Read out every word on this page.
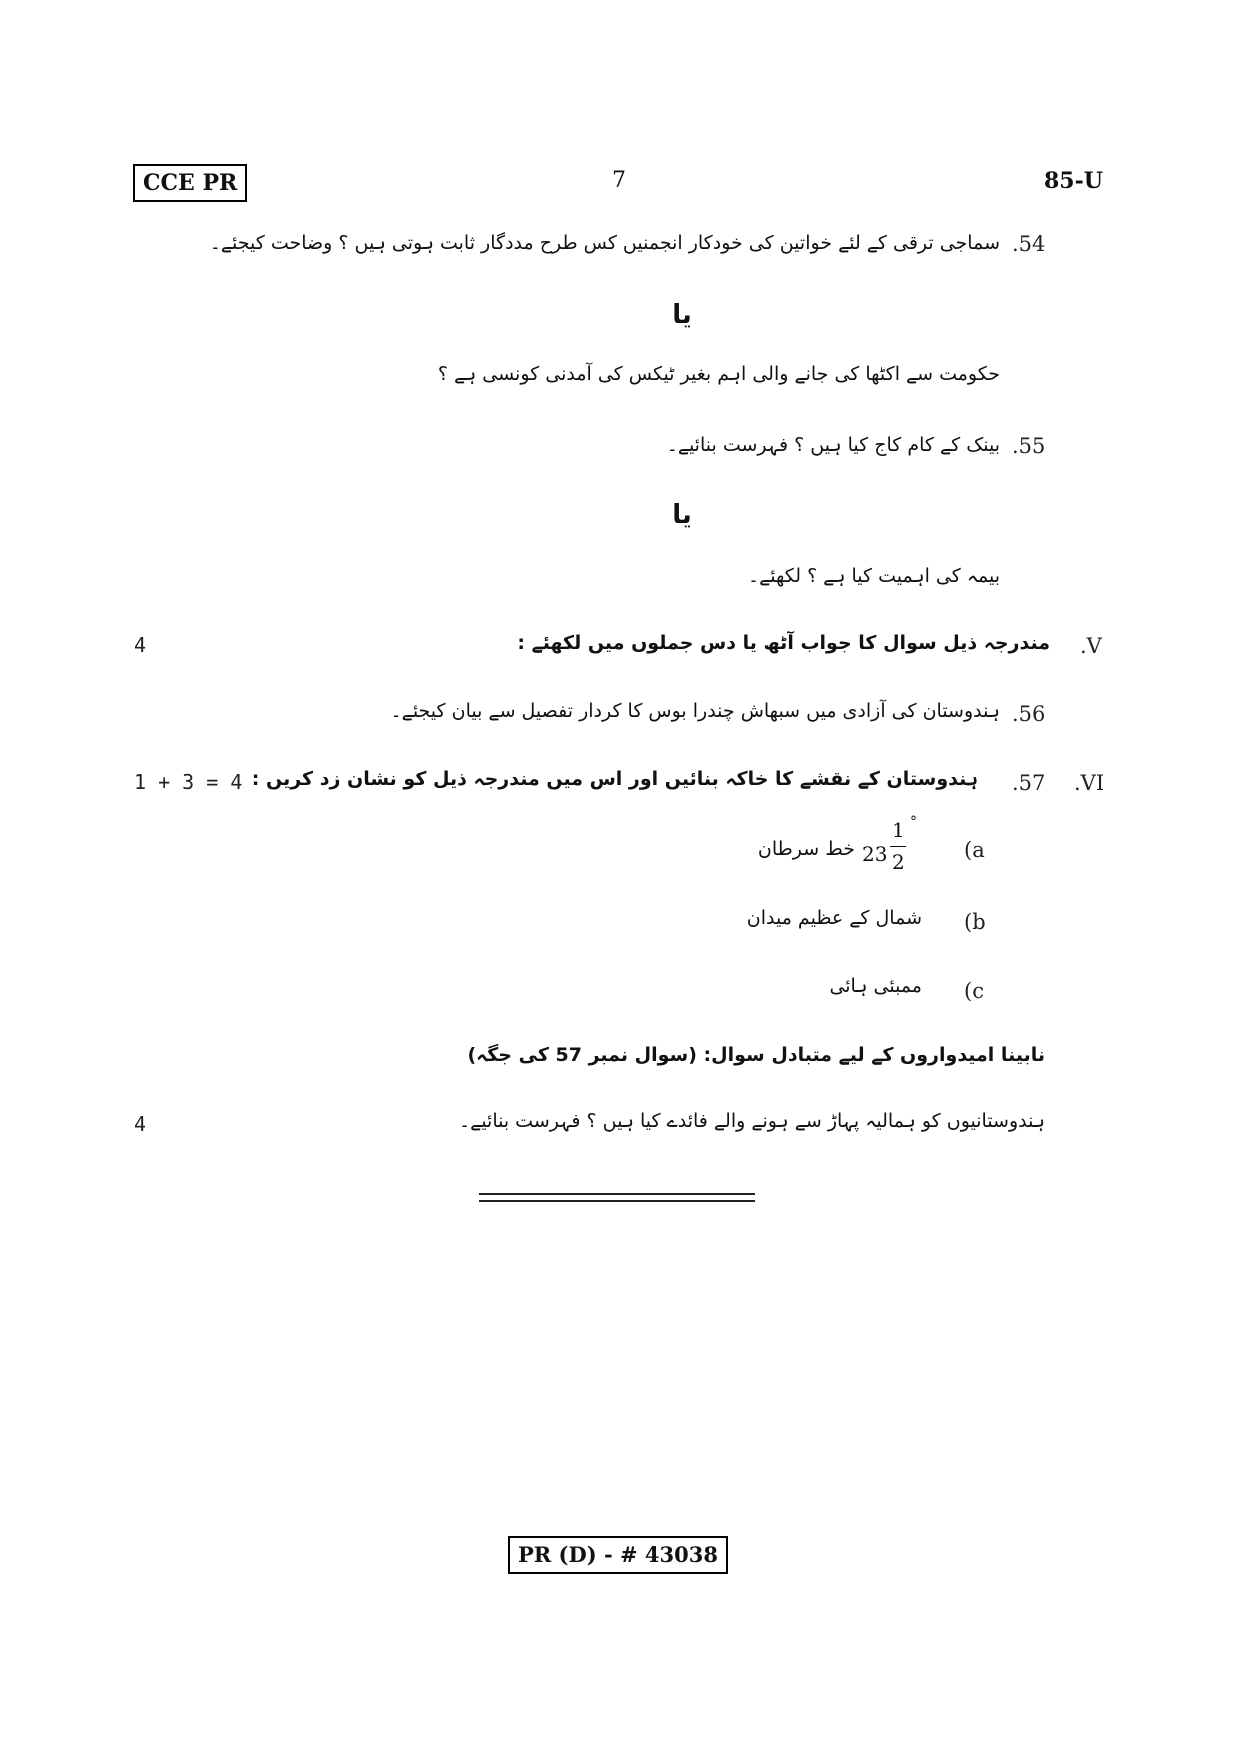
CCE PR	7	85-U
.54
سماجی ترقی کے لئے خواتین کی خودکار انجمنیں کس طرح مددگار ثابت ہوتی ہیں ؟ وضاحت کیجئے۔
یا
حکومت سے اکٹھا کی جانے والی اہم بغیر ٹیکس کی آمدنی کونسی ہے ؟
.55
بینک کے کام کاج کیا ہیں ؟ فہرست بنائیے۔
یا
بیمہ کی اہمیت کیا ہے ؟ لکھئے۔
4	.V
مندرجہ ذیل سوال کا جواب آٹھ یا دس جملوں میں لکھئے :
.56
ہندوستان کی آزادی میں سبھاش چندرا بوس کا کردار تفصیل سے بیان کیجئے۔
1 + 3 = 4	.VI
.57
ہندوستان کے نقشے کا خاکہ بنائیں اور اس میں مندرجہ ذیل کو نشان زد کریں :
(a
23
1
2
°
خط سرطان
(b
شمال کے عظیم میدان
(c
ممبئی ہائی
نابینا امیدواروں کے لیے متبادل سوال: (سوال نمبر 57 کی جگہ)
4	ہندوستانیوں کو ہمالیہ پہاڑ سے ہونے والے فائدے کیا ہیں ؟ فہرست بنائیے۔
PR (D) - # 43038
